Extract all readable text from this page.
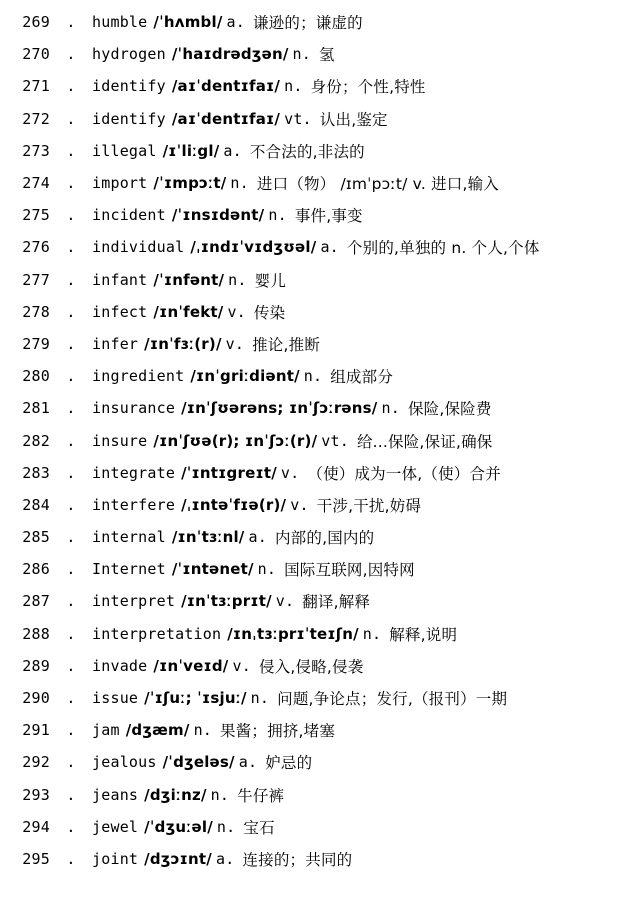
269	.	humble /ˈhʌmbl/ a. 谦逊的；谦虚的
270	.	hydrogen /ˈhaɪdrədʒən/ n. 氢
271	.	identify /aɪˈdentɪfaɪ/ n. 身份；个性,特性
272	.	identify /aɪˈdentɪfaɪ/ vt. 认出,鉴定
273	.	illegal /ɪˈliːgl/ a. 不合法的,非法的
274	.	import /ˈɪmpɔːt/ n. 进口（物） /ɪmˈpɔːt/ v. 进口,输入
275	.	incident /ˈɪnsɪdənt/ n. 事件,事变
276	.	individual /ˌɪndɪˈvɪdʒʊəl/ a. 个别的,单独的 n. 个人,个体
277	.	infant /ˈɪnfənt/ n. 婴儿
278	.	infect /ɪnˈfekt/ v. 传染
279	.	infer /ɪnˈfɜː(r)/ v. 推论,推断
280	.	ingredient /ɪnˈgriːdiənt/ n. 组成部分
281	.	insurance /ɪnˈʃʊərəns; ɪnˈʃɔːrəns/ n. 保险,保险费
282	.	insure /ɪnˈʃʊə(r); ɪnˈʃɔː(r)/ vt. 给...保险,保证,确保
283	.	integrate /ˈɪntɪgreɪt/ v. （使）成为一体,（使）合并
284	.	interfere /ˌɪntəˈfɪə(r)/ v. 干涉,干扰,妨碍
285	.	internal /ɪnˈtɜːnl/ a. 内部的,国内的
286	.	Internet /ˈɪntənet/ n. 国际互联网,因特网
287	.	interpret /ɪnˈtɜːprɪt/ v. 翻译,解释
288	.	interpretation /ɪnˌtɜːprɪˈteɪʃn/ n. 解释,说明
289	.	invade /ɪnˈveɪd/ v. 侵入,侵略,侵袭
290	.	issue /ˈɪʃuː; ˈɪsjuː/ n. 问题,争论点；发行,（报刊）一期
291	.	jam /dʒæm/ n. 果酱；拥挤,堵塞
292	.	jealous /ˈdʒeləs/ a. 妒忌的
293	.	jeans /dʒiːnz/ n. 牛仔裤
294	.	jewel /ˈdʒuːəl/ n. 宝石
295	.	joint /dʒɔɪnt/ a. 连接的；共同的
